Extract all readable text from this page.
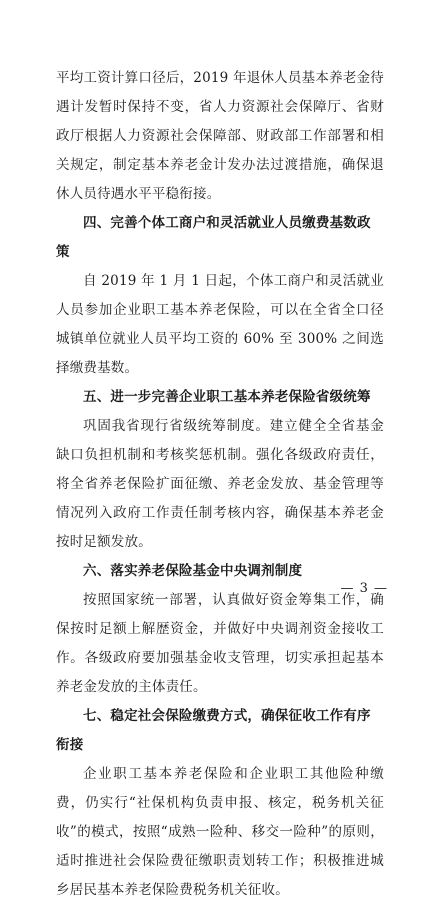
平均工资计算口径后，2019 年退休人员基本养老金待遇计发暂时保持不变，省人力资源社会保障厅、省财政厅根据人力资源社会保障部、财政部工作部署和相关规定，制定基本养老金计发办法过渡措施，确保退休人员待遇水平平稳衔接。

四、完善个体工商户和灵活就业人员缴费基数政策

自 2019 年 1 月 1 日起，个体工商户和灵活就业人员参加企业职工基本养老保险，可以在全省全口径城镇单位就业人员平均工资的 60% 至 300% 之间选择缴费基数。

五、进一步完善企业职工基本养老保险省级统筹

巩固我省现行省级统筹制度。建立健全全省基金缺口负担机制和考核奖惩机制。强化各级政府责任，将全省养老保险扩面征缴、养老金发放、基金管理等情况列入政府工作责任制考核内容，确保基本养老金按时足额发放。

六、落实养老保险基金中央调剂制度

按照国家统一部署，认真做好资金筹集工作，确保按时足额上解歴资金，并做好中央调剂资金接收工作。各级政府要加强基金收支管理，切实承担起基本养老金发放的主体责任。

七、稳定社会保险缴费方式，确保征收工作有序衔接

企业职工基本养老保险和企业职工其他险种缴费，仍实行“社保机构负责申报、核定，税务机关征收”的模式，按照“成熟一险种、移交一险种”的原则，适时推进社会保险费征缴职责划转工作；积极推进城乡居民基本养老保险费税务机关征收。

— 3 —
